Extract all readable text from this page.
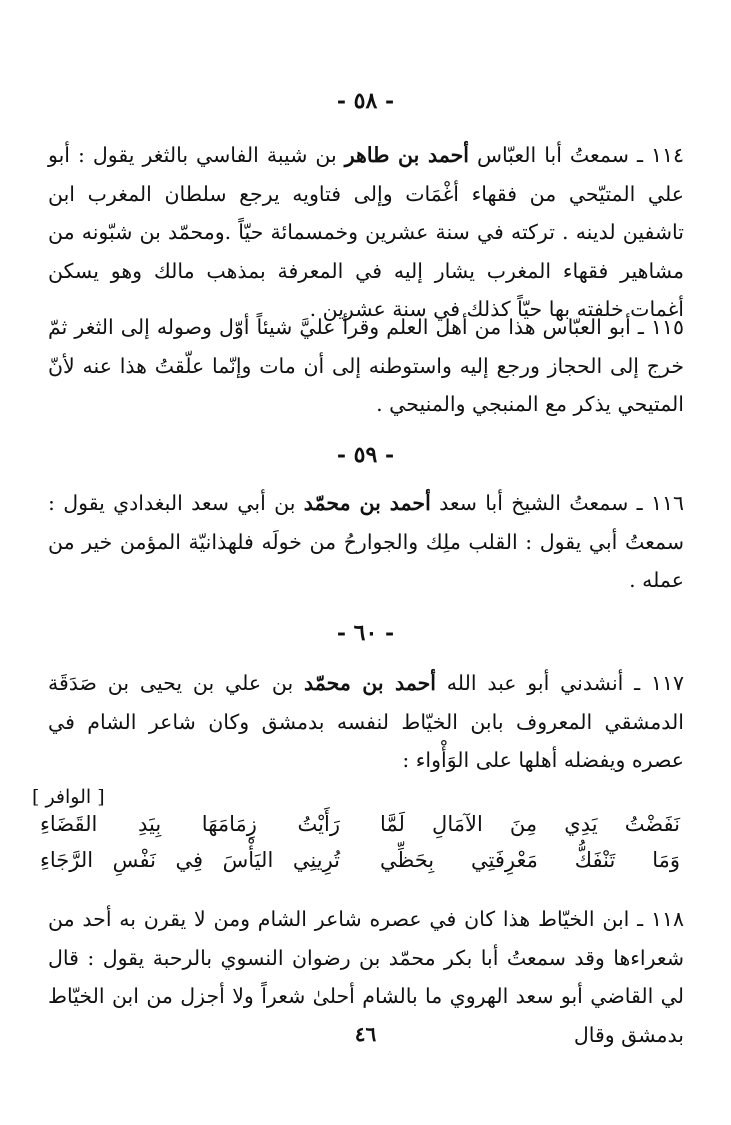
- ٥٨ -
١١٤ ـ سمعتُ أبا العبّاس أحمد بن طاهر بن شيبة الفاسي بالثغر يقول : أبو علي المتيّحي من فقهاء أغْمَات وإلى فتاويه يرجع سلطان المغرب ابن تاشفين لدينه . تركته في سنة عشرين وخمسمائة حيّاً .ومحمّد بن شبّونه من مشاهير فقهاء المغرب يشار إليه في المعرفة بمذهب مالك وهو يسكن أغمات خلفته بها حيّاً كذلك في سنة عشرين .
١١٥ ـ أبو العبّاس هذا من أهل العلم وقرأ عليَّ شيئاً أوّل وصوله إلى الثغر ثمّ خرج إلى الحجاز ورجع إليه واستوطنه إلى أن مات وإنّما علّقتُ هذا عنه لأنّ المتيحي يذكر مع المنبجي والمنيحي .
- ٥٩ -
١١٦ ـ سمعتُ الشيخ أبا سعد أحمد بن محمّد بن أبي سعد البغدادي يقول : سمعتُ أبي يقول : القلب ملِك والجوارحُ من خولَه فلهذانيّة المؤمن خير من عمله .
- ٦٠ -
١١٧ ـ أنشدني أبو عبد الله أحمد بن محمّد بن علي بن يحيى بن صَدَقَة الدمشقي المعروف بابن الخيّاط لنفسه بدمشق وكان شاعر الشام في عصره ويفضله أهلها على الوَأْواء :
[ الوافر ]
نَفَضْتُ يَدِي مِنَ الآمَالِ لَمَّا
رَأَيْتُ زِمَامَهَا بِيَدِ القَضَاءِ
وَمَا تَنْفَكُّ مَعْرِفَتِي بِحَظِّي
تُرِينِي اليَأْسَ فِي نَفْسِ الرَّجَاءِ
١١٨ ـ ابن الخيّاط هذا كان في عصره شاعر الشام ومن لا يقرن به أحد من شعراءها وقد سمعتُ أبا بكر محمّد بن رضوان النسوي بالرحبة يقول : قال لي القاضي أبو سعد الهروي ما بالشام أحلىٰ شعراً ولا أجزل من ابن الخيّاط بدمشق وقال
٤٦
